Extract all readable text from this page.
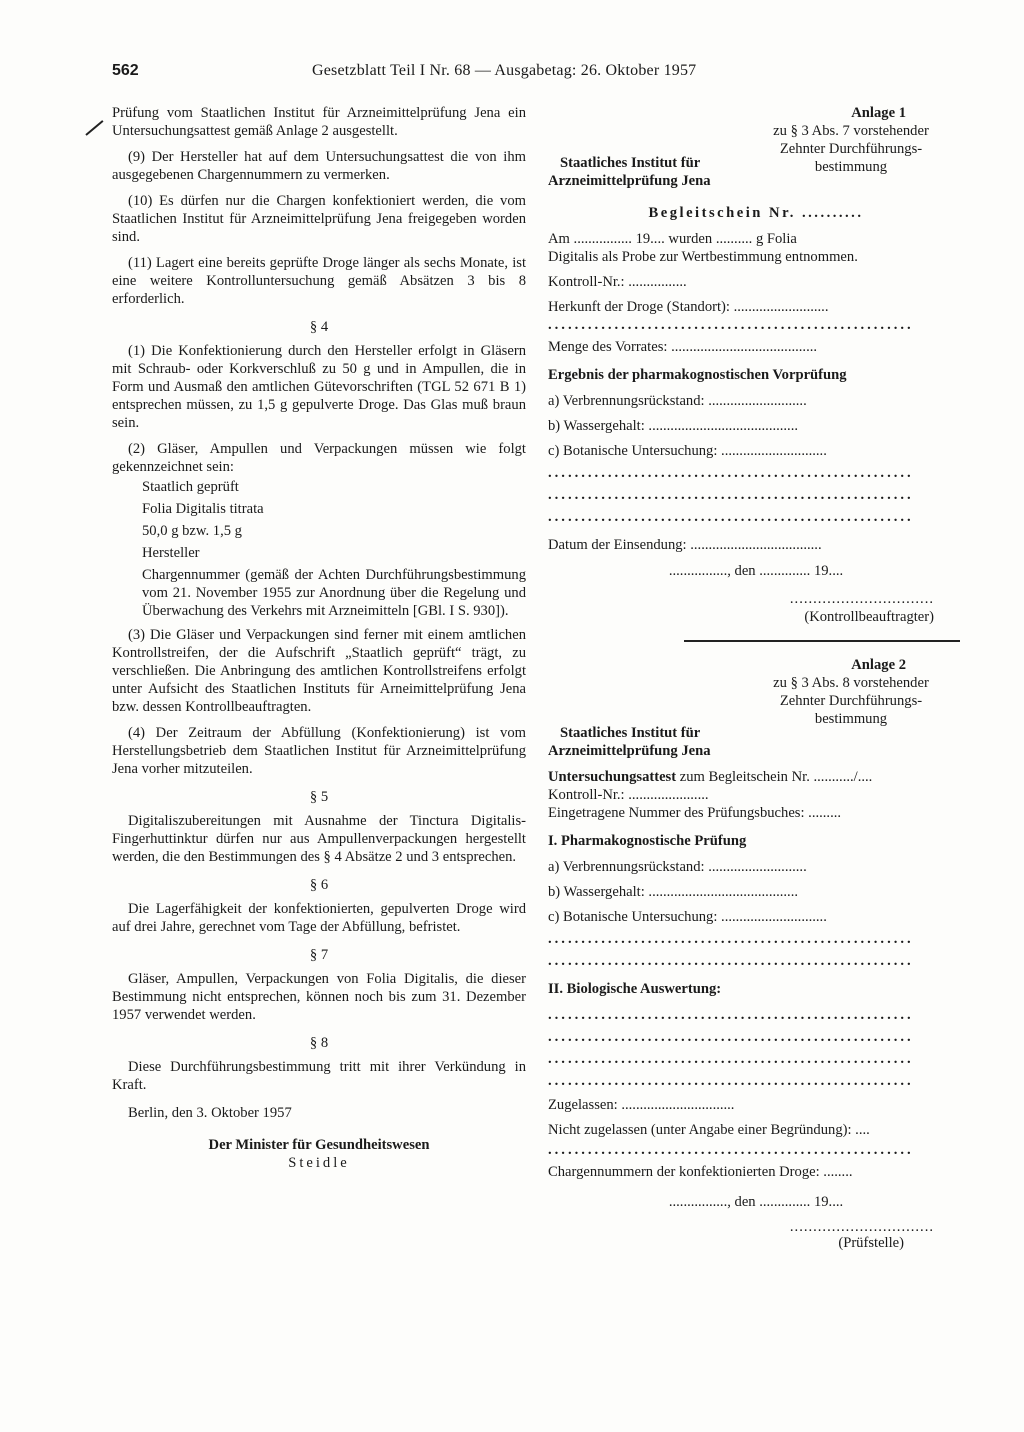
562	Gesetzblatt Teil I Nr. 68 — Ausgabetag: 26. Oktober 1957

Prüfung vom Staatlichen Institut für Arzneimittelprüfung Jena ein Untersuchungsattest gemäß Anlage 2 ausgestellt.

(9) Der Hersteller hat auf dem Untersuchungsattest die von ihm ausgegebenen Chargennummern zu vermerken.

(10) Es dürfen nur die Chargen konfektioniert werden, die vom Staatlichen Institut für Arzneimittelprüfung Jena freigegeben worden sind.

(11) Lagert eine bereits geprüfte Droge länger als sechs Monate, ist eine weitere Kontrolluntersuchung gemäß Absätzen 3 bis 8 erforderlich.

§ 4

(1) Die Konfektionierung durch den Hersteller erfolgt in Gläsern mit Schraub- oder Korkverschluß zu 50 g und in Ampullen, die in Form und Ausmaß den amtlichen Gütevorschriften (TGL 52 671 B 1) entsprechen müssen, zu 1,5 g gepulverte Droge. Das Glas muß braun sein.

(2) Gläser, Ampullen und Verpackungen müssen wie folgt gekennzeichnet sein:

Staatlich geprüft

Folia Digitalis titrata

50,0 g bzw. 1,5 g

Hersteller

Chargennummer (gemäß der Achten Durchführungsbestimmung vom 21. November 1955 zur Anordnung über die Regelung und Überwachung des Verkehrs mit Arzneimitteln [GBl. I S. 930]).

(3) Die Gläser und Verpackungen sind ferner mit einem amtlichen Kontrollstreifen, der die Aufschrift „Staatlich geprüft“ trägt, zu verschließen. Die Anbringung des amtlichen Kontrollstreifens erfolgt unter Aufsicht des Staatlichen Instituts für Arneimittelprüfung Jena bzw. dessen Kontrollbeauftragten.

(4) Der Zeitraum der Abfüllung (Konfektionierung) ist vom Herstellungsbetrieb dem Staatlichen Institut für Arzneimittelprüfung Jena vorher mitzuteilen.

§ 5

Digitaliszubereitungen mit Ausnahme der Tinctura Digitalis-Fingerhuttinktur dürfen nur aus Ampullenverpackungen hergestellt werden, die den Bestimmungen des § 4 Absätze 2 und 3 entsprechen.

§ 6

Die Lagerfähigkeit der konfektionierten, gepulverten Droge wird auf drei Jahre, gerechnet vom Tage der Abfüllung, befristet.

§ 7

Gläser, Ampullen, Verpackungen von Folia Digitalis, die dieser Bestimmung nicht entsprechen, können noch bis zum 31. Dezember 1957 verwendet werden.

§ 8

Diese Durchführungsbestimmung tritt mit ihrer Verkündung in Kraft.

Berlin, den 3. Oktober 1957

Der Minister für Gesundheitswesen

Steidle

Anlage 1

zu § 3 Abs. 7 vorstehender

Zehnter Durchführungs-

bestimmung

Staatliches Institut für
Arzneimittelprüfung Jena

Begleitschein Nr. ..........

Am ................ 19.... wurden .......... g Folia

Digitalis als Probe zur Wertbestimmung entnommen.

Kontroll-Nr.: ................

Herkunft der Droge (Standort): ..........................

.......................................................

Menge des Vorrates: ........................................

Ergebnis der pharmakognostischen Vorprüfung

a) Verbrennungsrückstand: ...........................

b) Wassergehalt: .........................................

c) Botanische Untersuchung: .............................

.......................................................

.......................................................

.......................................................

Datum der Einsendung: ....................................

................, den .............. 19....

...............................

(Kontrollbeauftragter)

Anlage 2

zu § 3 Abs. 8 vorstehender

Zehnter Durchführungs-

bestimmung

Staatliches Institut für
Arzneimittelprüfung Jena

Untersuchungsattest zum Begleitschein Nr. .........../....

Kontroll-Nr.: ......................

Eingetragene Nummer des Prüfungsbuches: .........

I. Pharmakognostische Prüfung

a) Verbrennungsrückstand: ...........................

b) Wassergehalt: .........................................

c) Botanische Untersuchung: .............................

.......................................................

.......................................................

II. Biologische Auswertung:

.......................................................

.......................................................

.......................................................

.......................................................

Zugelassen: ...............................

Nicht zugelassen (unter Angabe einer Begründung): ....

.......................................................

Chargennummern der konfektionierten Droge: ........

................, den .............. 19....

...............................

(Prüfstelle)
